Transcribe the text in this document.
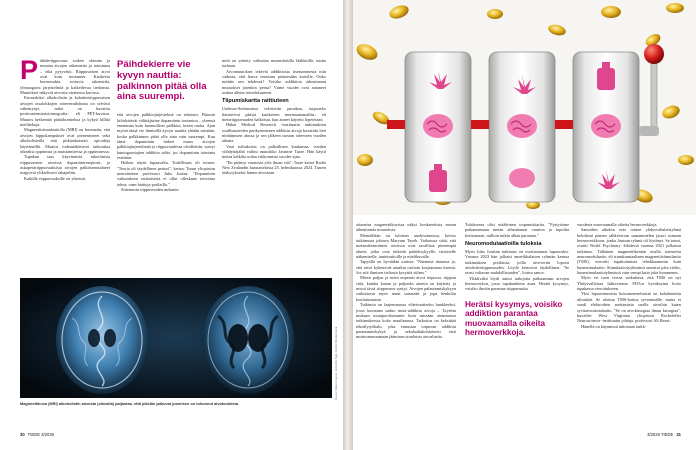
P äihderiippuvuus sotkee ohimän ja muutaa aivojen rakennetta ja toimintaa – eikä pysyvästi. Riippuvaisen aivot ovat kuin nostanner. Kaukevia hermosuhia, sortuvia rakenteita, ylimaagoria järjestelmiä ja katkeilevaa tiedonsta. Muutokset näkyvät aivoista otettuissa kuvissa.

Esimerkiksi alkoholistin ja kokaiiniriippuvaisen aivojen otsalohkojen aineenvaihdunta on selvästi vähentynyt, mikä on havaittu positroniemissiotomografia- eli PET-kuvissa. Muutos heikentää päätöksentekoa ja kykyä hillitä mielitekoja.

Magneettistimulaatiolla (MRI) on huomattu, että aivojen hippokampukset ovat pienentyneet sekä alkoholisteilla että pitkäaikaisesti opioideja käyttäneillä. Muutos todennäköisesti taikouttaa oikeaksi oppimista ja muistamisessa ja oppimisessa.

Tupakan taas käyvinnistä nikotiinista riippuvaisten aivoissa dopamiinireseptorit, ja uskaperäriippuvuuksista aivojen palkitsemisalueet reagoivat ylikielisesti rahapeliin.

Kaikille riippuvuuksille on yhteistä,

Päihdekierre vie kyvyn nauttia: palkinnon pitää olla aina suurempi.

että aivojen palkkiojärjestelmä on sekaisin. Pääosin kiihdyttävät välittäjäaine dopamiinin tuotantoa – yleensä enemmän kuin luonnolliset palkkiot, kuten ruoka. Ajan myötä tämä vie ihmisellä kyvyn nauttia yhtään mistään, koska palkkinnon pitää olla aina vain suurempi. Kun tämä dopamiinin tärkeä osuus aivojen palkkiojärjestelmää ja riippuvuudessa olvallettiin, syntyi kuntoguasiajien addiktio taltio, jos dopamiinin toiminta estetään.

Hetken näytti lupaavalta. Todellisuus oli toinen: "Teoria oli täydellinen petturi", kertoo Turun yliopiston neurotieteen professori Juho Joutsa. "Dopamiinin vaikutuksen estämisestä ei ollut olleskaan toivottua tehoa, vaan haittoja potilailla."

Sittemmin riippuvuuden mekanis-

mitä on yritetty vaikuttaa monenlaisilla lääkkeillä, mutta turhaan.

Aivomuutokset tekevät addiktiosta itsestamisesta niin vaikeaa, että harva onnistuu pääsemään kuivilla. Onko mitään sen tehdessä? Voisiko addiktion aiheuttamat muutokset jotenkin peruа? Viime vuodet ovat antaneet asittaa alletta toiveikkuuteen.

Tiipumiskartta raittiuteen

Uudesse-Seelannissa selvitetiin paraikaa, tutpoaeko ihmiseivat päästä kasiksteen meramattamaliin– eli metariippuvuuden halkoista, kun aineet käytetti lopetetaan.

Häkai Medical Research -instituutin tutkimuksen osallistuneiden parikymmenen addiktin aivoja kuvattiin heti niittiämisen alussa ja sen jälkeen useaan otteeseen vuoden aikana.

Vaut toiltuksista on palkallinen kuulumaa, vuoden viihdyttäjältä valittu muusikko Jasmine Taare. Hän käytti metaa kalkilia uulaa viitkonnista vuodee ajan.

"En päässyt vuonosta ylös ilman sitä", Taare kertoi Radio New Zealandin haastattelussa 25. helmikuussa 2024. Taaren äärkytykseksi hänen aivostaan

Magneettikuva (MRI) alkoholistin aivoista (oikealla) paljastaa, että pikkiän jatkuvat juomisen on tuhonnut aivokudoista.
Kuvat: Matteo Gavio, Actividy/ Tagi, Getty/ Shutterstock
30 TIEDE 3/2026

ottaneisa magneettikuvissa näkyi konkreettisia metan aiheuttamia muutoksia.

Menetillään on tulosten analysoinnissa, kertoo tutkimusta johtava Maryam Tayeb. Vaikutusa sitää, että metamfetamiinien aivoissa ovat tavallista pienempiä alueet, jotka ovat tärkeitä päätöksykyylle, tietoiselle näkemiselle, tunteisatioille ja mielikuvalle.

Tapyöllä on hyvääkin uutisia: "Näemme dataesta jo, että aivot kykenevät ainakin osittain korjaamaan itsensä. Jos sitä ihmisen tieltasta kysyttiä siihen."

Mieen paljon ja mien nopeasti aivot toipuvat, riippuu siitä, kuinka kauan ja paljonko ainetta on käytetty ja missä iässä riippuvuus syntyi. Aivojen palautumiskykyyn vaikuttavat myös muut sairaudet ja jopa henkilön koulutustausta.

Tutkimia on laajemmassa vlitetvaatieeku hankkeeksi, jossa kuvataan saduo meta-addiktin aivoja – Tayebin mukaan monipuolisemmin kuin missään aiemmassa tutkimuksessa koko maailmassa. Tarkoitus on keksittää tekoälytyökalu, joka ennustaa toipuvan addiktin parantumiskykyä ja sekalaaltukohtaisesti etsii muistonseurantaan jäämisen siunlaista aivoalueita.

Tulokseesa olisi erääleinen toipumiskartta. "Pystyisime paikantamaan metan aiheuttamat vaurion ja tupoilta kerttomaan, milloin mikin alkaa parantua."

Neuromodulaatioilla tuloksia

Myös Juho Joutsan tutkimus on osoittautunut lupaavaksi. Vuonna 2023 hän julkaisi amerikkalaisen ryhmän kanssa tutkimuksen potilaista, joilla aivoveriin loposti aivokrittiriippuvuuden. Löydö kertoivat täydellinen. "Se avasi valtavan mahdollisuuden", Joutsa sanoo.

Yliääiväkä löydi autiot tutkijoita palkaamaan aivojen hermoverkon, jossa tupakanhimo asuu. Herätä kysymys, voisiko ilmiön parantaa riippuvuutta

Herätsi kysymys, voisiko addiktion parantaa muovaamalla oikeita hermoverkkoja.

vuodesta muovaamalla oikeita hermoverkkoja.

Samoihin aikohin eräs toinen yhdysvaltalaistyhmä kohdistui pienen sähkövirran samanmielen jasori osmaan hermoverkkoon, jonka Joutsan ryhmä oli löytänyt. Se toimi, osoitti World Psychiatry -lehdessä vuonna 2021 julkaistu tutkimus. Tällainen magneettikentän avulla toteutettu neuromodulaatio, eli transkraniaalinen magneettistimulaatio (TMS), vieroitti tupakoinnista tehokkaammin kuin lumestimulaatio. Stimulaatiotyyhmässä onnistui joka viides, lumestimulaatiotyhmässä vain vempi kuin joka kymmenes.

Myös eri tuon vertaa vaikuttava, että TMS on nyt Yhdysvalloissa lääkevirasto FDA:n hyväksymä hoito tupakassa vieroitukseen.

Yksi lupaavimmista hoitomenetelmistä on kohdennettu ultraääni. Se ulottuu TMS-hoitoa syvemmälle, mutta ei vaadi elektrodien asettamista suolle aivoihin kuten syväaivostimulaatio. "Se on aivokirurgiaa ilman kirurgiaa", kuvailee West Virginian yliopiston Rockefeller Neuroscience -instituutin johtaja, professori Ali Rezai.

Hänellä on käynnissä tuhomaat tarkk-

3/2026 TIEDE 31
